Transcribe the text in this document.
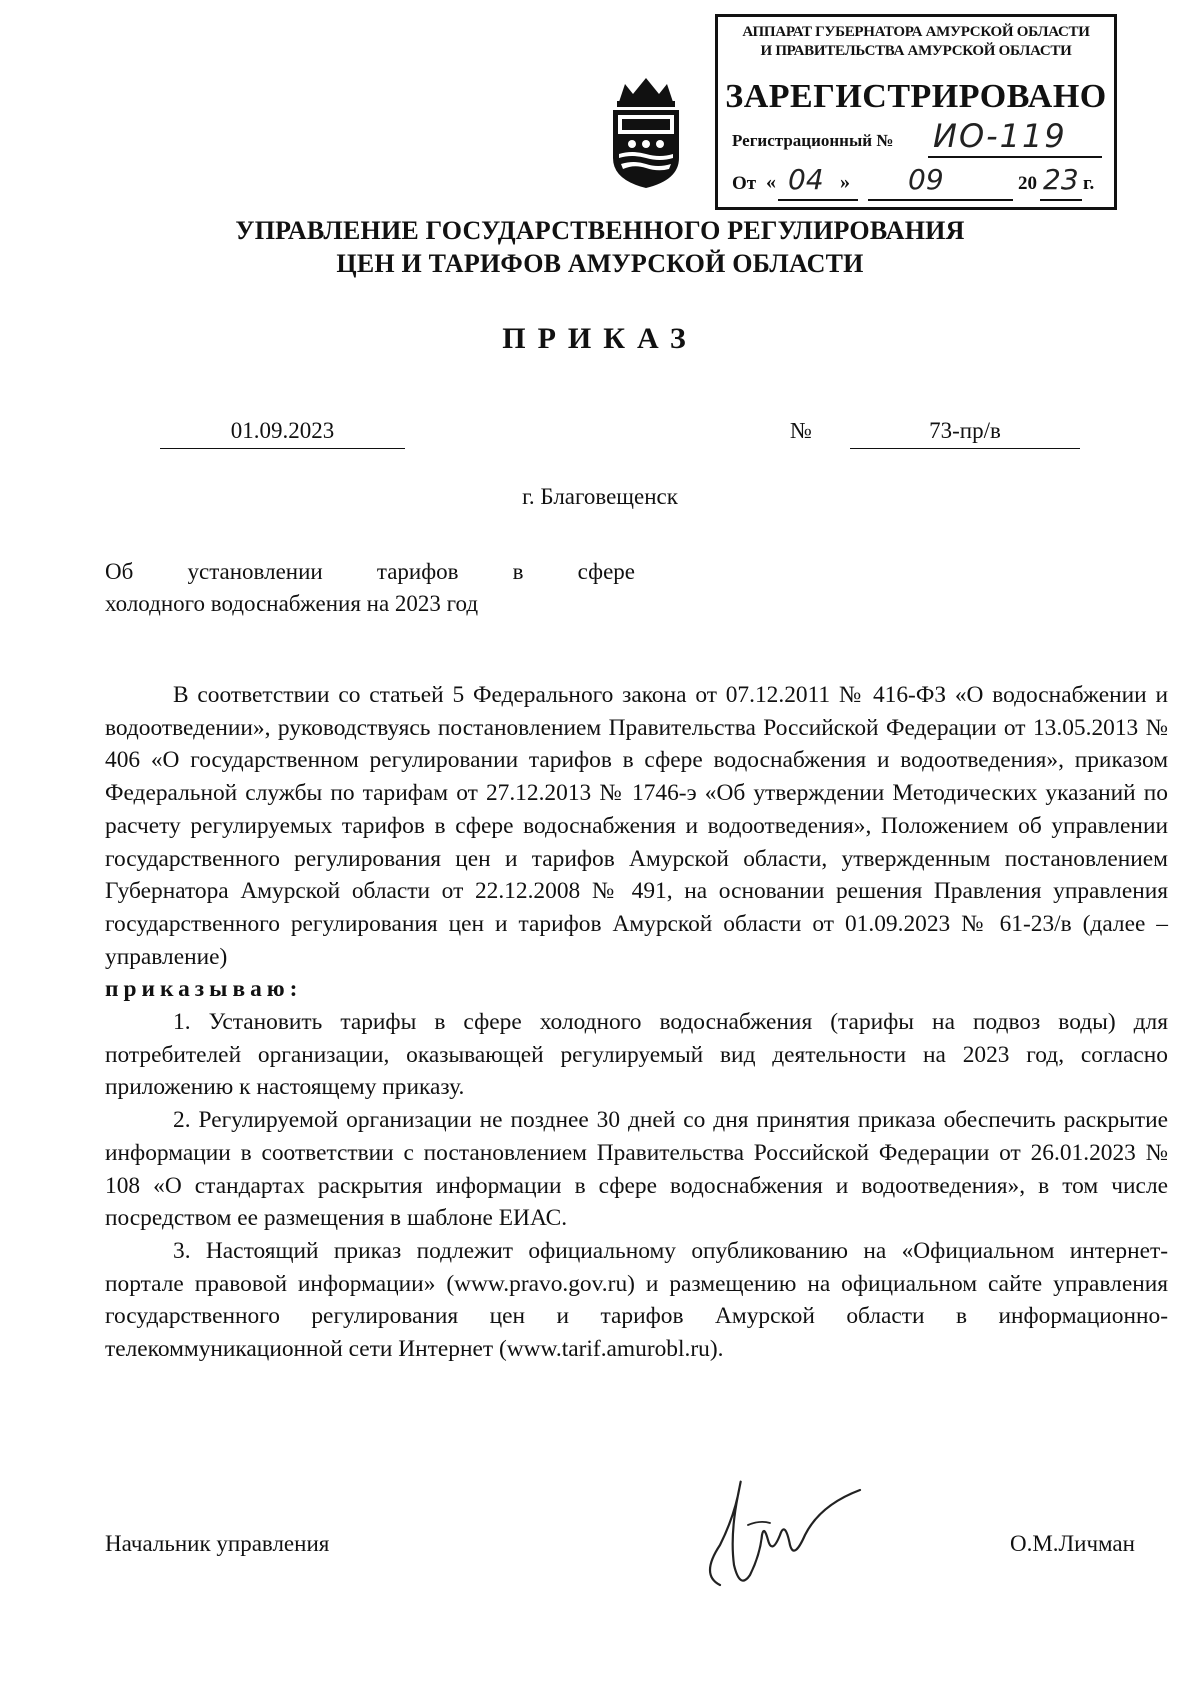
АППАРАТ ГУБЕРНАТОРА АМУРСКОЙ ОБЛАСТИ
И ПРАВИТЕЛЬСТВА АМУРСКОЙ ОБЛАСТИ
ЗАРЕГИСТРИРОВАНО
Регистрационный № ИО-119
От « 04 » 09	20 23 г.
УПРАВЛЕНИЕ ГОСУДАРСТВЕННОГО РЕГУЛИРОВАНИЯ
ЦЕН И ТАРИФОВ АМУРСКОЙ ОБЛАСТИ
ПРИКАЗ
01.09.2023	№	73-пр/в
г. Благовещенск
Об установлении тарифов в сфере
холодного водоснабжения на 2023 год

В соответствии со статьей 5 Федерального закона от 07.12.2011 № 416-ФЗ «О водоснабжении и водоотведении», руководствуясь постановлением Правительства Российской Федерации от 13.05.2013 № 406 «О государственном регулировании тарифов в сфере водоснабжения и водоотведения», приказом Федеральной службы по тарифам от 27.12.2013 № 1746-э «Об утверждении Методических указаний по расчету регулируемых тарифов в сфере водоснабжения и водоотведения», Положением об управлении государственного регулирования цен и тарифов Амурской области, утвержденным постановлением Губернатора Амурской области от 22.12.2008 № 491, на основании решения Правления управления государственного регулирования цен и тарифов Амурской области от 01.09.2023 № 61-23/в (далее – управление)

приказываю:

1. Установить тарифы в сфере холодного водоснабжения (тарифы на подвоз воды) для потребителей организации, оказывающей регулируемый вид деятельности на 2023 год, согласно приложению к настоящему приказу.

2. Регулируемой организации не позднее 30 дней со дня принятия приказа обеспечить раскрытие информации в соответствии с постановлением Правительства Российской Федерации от 26.01.2023 № 108 «О стандартах раскрытия информации в сфере водоснабжения и водоотведения», в том числе посредством ее размещения в шаблоне ЕИАС.

3. Настоящий приказ подлежит официальному опубликованию на «Официальном интернет-портале правовой информации» (www.pravo.gov.ru) и размещению на официальном сайте управления государственного регулирования цен и тарифов Амурской области в информационно-телекоммуникационной сети Интернет (www.tarif.amurobl.ru).

Начальник управления	О.М.Личман
